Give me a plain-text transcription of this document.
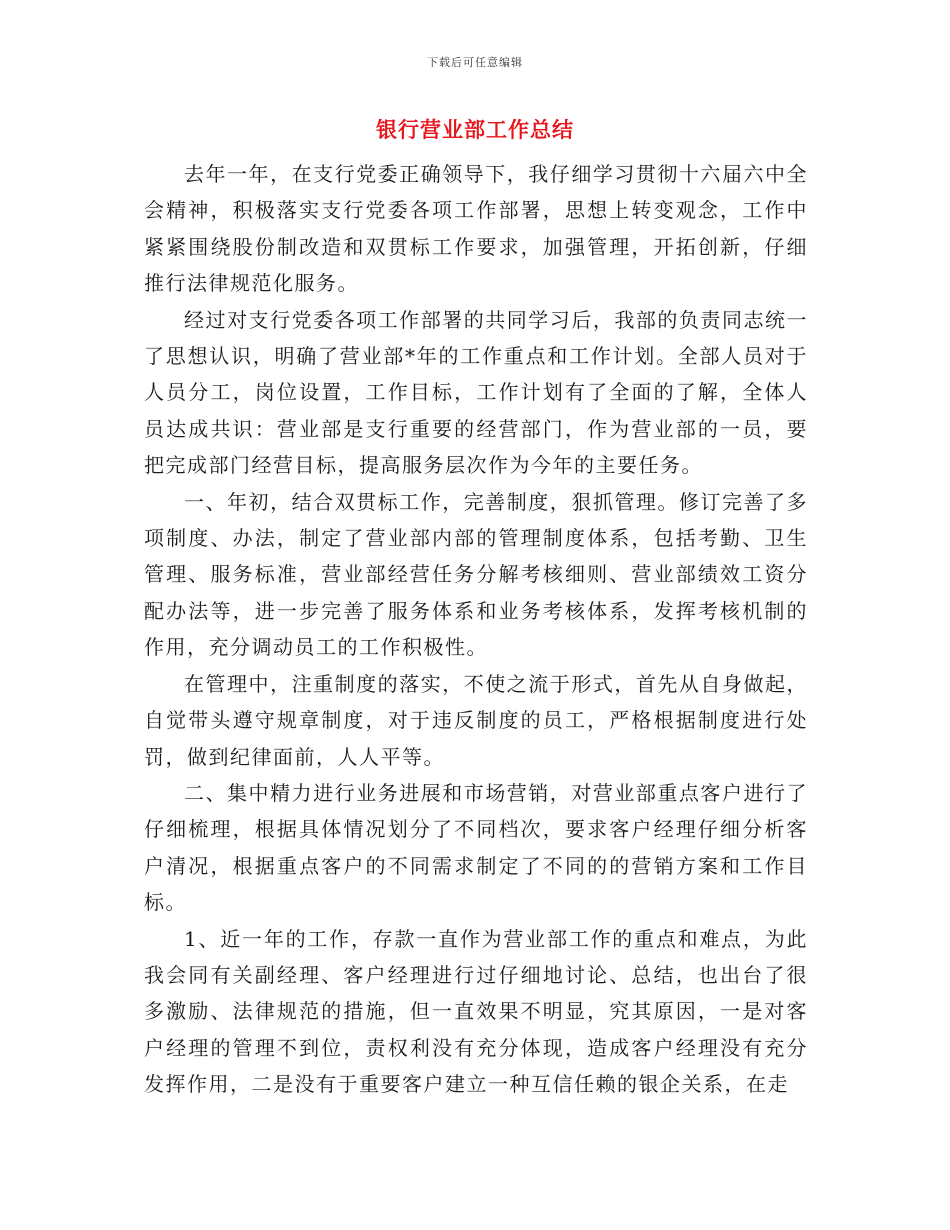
下载后可任意编辑
银行营业部工作总结

去年一年，在支行党委正确领导下，我仔细学习贯彻十六届六中全会精神，积极落实支行党委各项工作部署，思想上转变观念，工作中紧紧围绕股份制改造和双贯标工作要求，加强管理，开拓创新，仔细推行法律规范化服务。

经过对支行党委各项工作部署的共同学习后，我部的负责同志统一了思想认识，明确了营业部*年的工作重点和工作计划。全部人员对于人员分工，岗位设置，工作目标，工作计划有了全面的了解，全体人员达成共识：营业部是支行重要的经营部门，作为营业部的一员，要把完成部门经营目标，提高服务层次作为今年的主要任务。

一、年初，结合双贯标工作，完善制度，狠抓管理。修订完善了多项制度、办法，制定了营业部内部的管理制度体系，包括考勤、卫生管理、服务标准，营业部经营任务分解考核细则、营业部绩效工资分配办法等，进一步完善了服务体系和业务考核体系，发挥考核机制的作用，充分调动员工的工作积极性。

在管理中，注重制度的落实，不使之流于形式，首先从自身做起，自觉带头遵守规章制度，对于违反制度的员工，严格根据制度进行处罚，做到纪律面前，人人平等。

二、集中精力进行业务进展和市场营销，对营业部重点客户进行了仔细梳理，根据具体情况划分了不同档次，要求客户经理仔细分析客户清况，根据重点客户的不同需求制定了不同的的营销方案和工作目标。

1、近一年的工作，存款一直作为营业部工作的重点和难点，为此我会同有关副经理、客户经理进行过仔细地讨论、总结，也出台了很多激励、法律规范的措施，但一直效果不明显，究其原因，一是对客户经理的管理不到位，责权利没有充分体现，造成客户经理没有充分发挥作用，二是没有于重要客户建立一种互信任赖的银企关系，在走
